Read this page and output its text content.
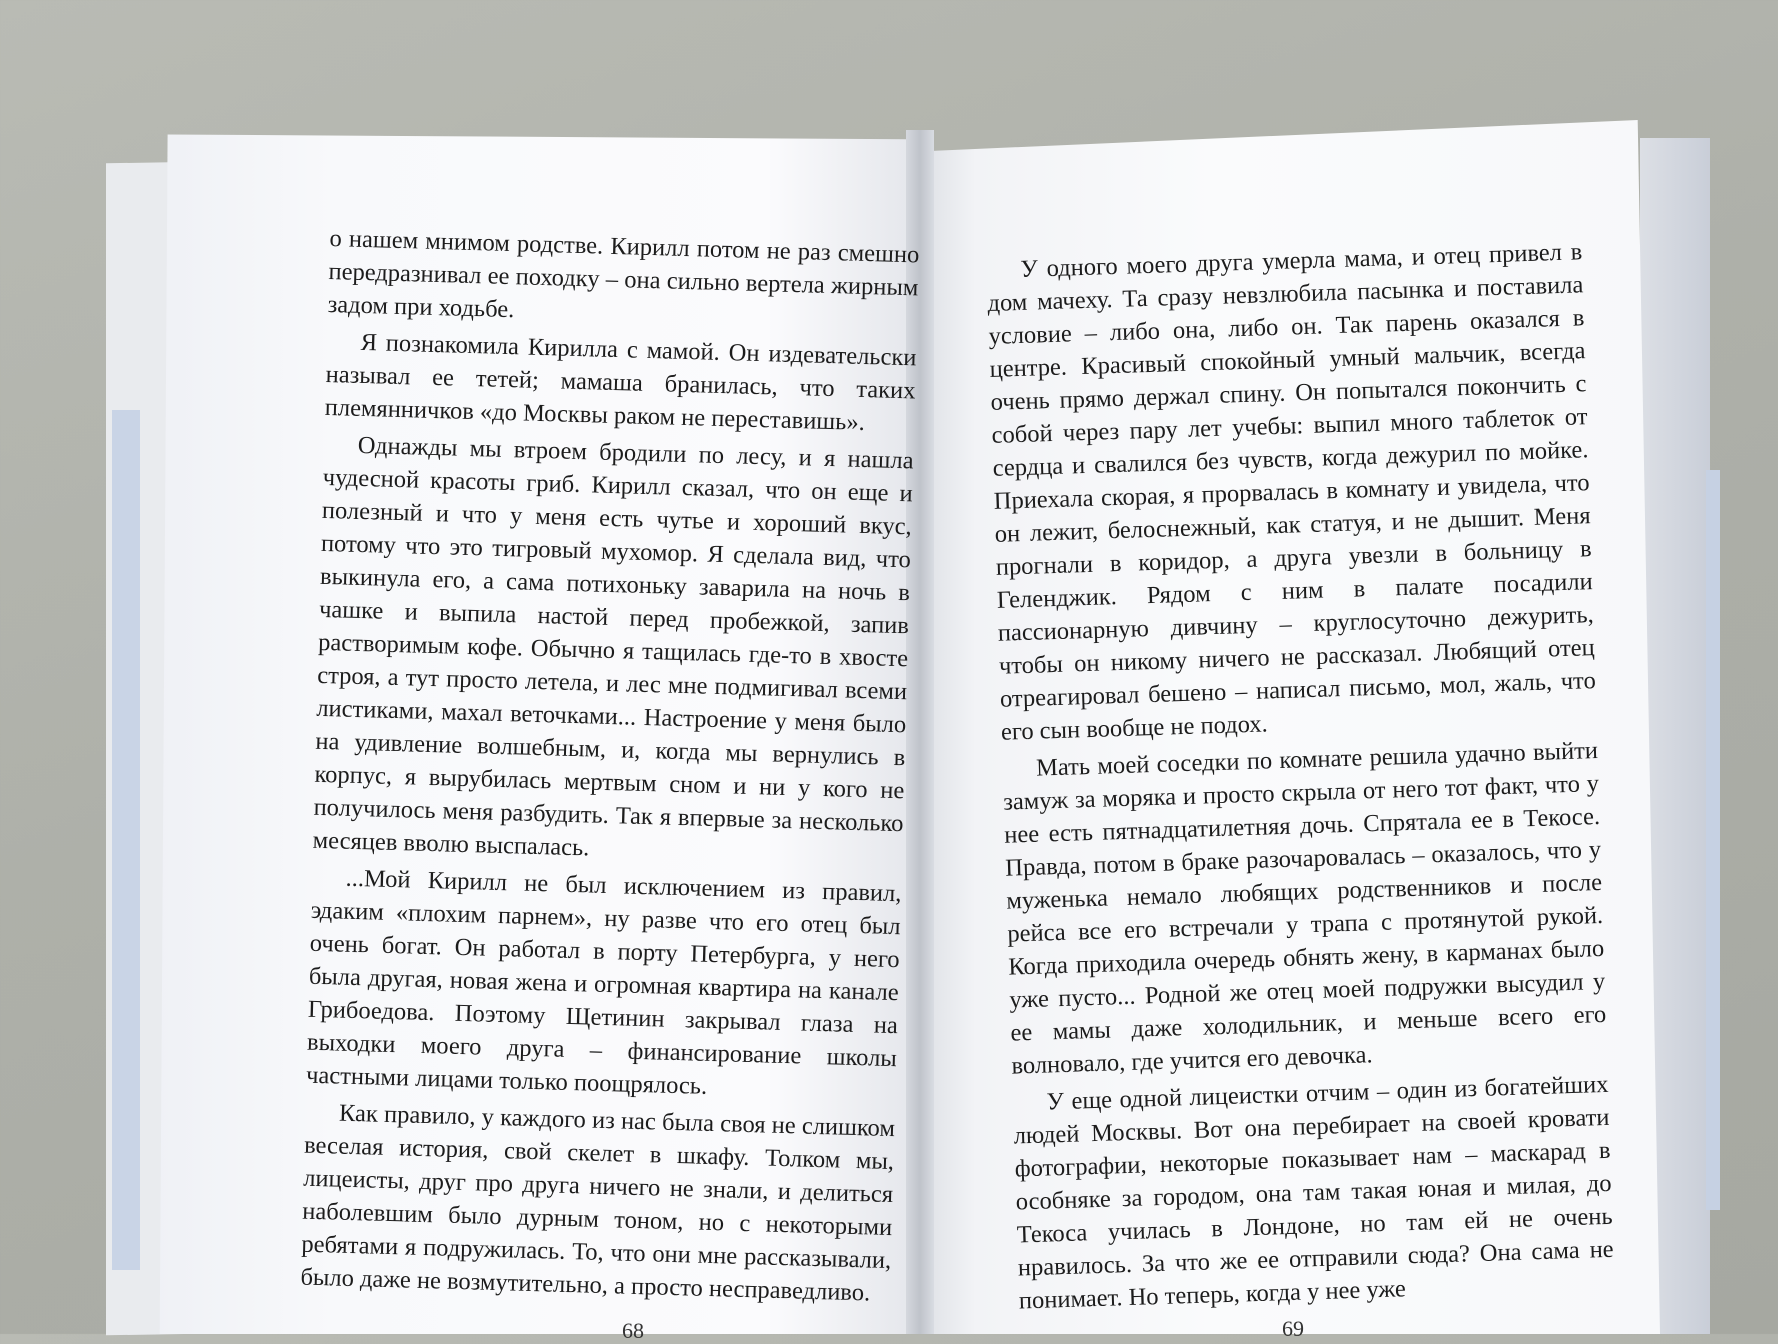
о нашем мнимом родстве. Кирилл потом не раз смешно передразнивал ее походку – она сильно вертела жирным задом при ходьбе.

Я познакомила Кирилла с мамой. Он издевательски называл ее тетей; мамаша бранилась, что таких племянничков «до Москвы раком не переставишь».

Однажды мы втроем бродили по лесу, и я нашла чудесной красоты гриб. Кирилл сказал, что он еще и полезный и что у меня есть чутье и хороший вкус, потому что это тигровый мухомор. Я сделала вид, что выкинула его, а сама потихоньку заварила на ночь в чашке и выпила настой перед пробежкой, запив растворимым кофе. Обычно я тащилась где-то в хвосте строя, а тут просто летела, и лес мне подмигивал всеми листиками, махал веточками... Настроение у меня было на удивление волшебным, и, когда мы вернулись в корпус, я вырубилась мертвым сном и ни у кого не получилось меня разбудить. Так я впервые за несколько месяцев вволю выспалась.

...Мой Кирилл не был исключением из правил, эдаким «плохим парнем», ну разве что его отец был очень богат. Он работал в порту Петербурга, у него была другая, новая жена и огромная квартира на канале Грибоедова. Поэтому Щетинин закрывал глаза на выходки моего друга – финансирование школы частными лицами только поощрялось.

Как правило, у каждого из нас была своя не слишком веселая история, свой скелет в шкафу. Толком мы, лицеисты, друг про друга ничего не знали, и делиться наболевшим было дурным тоном, но с некоторыми ребятами я подружилась. То, что они мне рассказывали, было даже не возмутительно, а просто несправедливо.

У одного моего друга умерла мама, и отец привел в дом мачеху. Та сразу невзлюбила пасынка и поставила условие – либо она, либо он. Так парень оказался в центре. Красивый спокойный умный мальчик, всегда очень прямо держал спину. Он попытался покончить с собой через пару лет учебы: выпил много таблеток от сердца и свалился без чувств, когда дежурил по мойке. Приехала скорая, я прорвалась в комнату и увидела, что он лежит, белоснежный, как статуя, и не дышит. Меня прогнали в коридор, а друга увезли в больницу в Геленджик. Рядом с ним в палате посадили пассионарную дивчину – круглосуточно дежурить, чтобы он никому ничего не рассказал. Любящий отец отреагировал бешено – написал письмо, мол, жаль, что его сын вообще не подох.

Мать моей соседки по комнате решила удачно выйти замуж за моряка и просто скрыла от него тот факт, что у нее есть пятнадцатилетняя дочь. Спрятала ее в Текосе. Правда, потом в браке разочаровалась – оказалось, что у муженька немало любящих родственников и после рейса все его встречали у трапа с протянутой рукой. Когда приходила очередь обнять жену, в карманах было уже пусто... Родной же отец моей подружки высудил у ее мамы даже холодильник, и меньше всего его волновало, где учится его девочка.

У еще одной лицеистки отчим – один из богатейших людей Москвы. Вот она перебирает на своей кровати фотографии, некоторые показывает нам – маскарад в особняке за городом, она там такая юная и милая, до Текоса училась в Лондоне, но там ей не очень нравилось. За что же ее отправили сюда? Она сама не понимает. Но теперь, когда у нее уже

68	69
